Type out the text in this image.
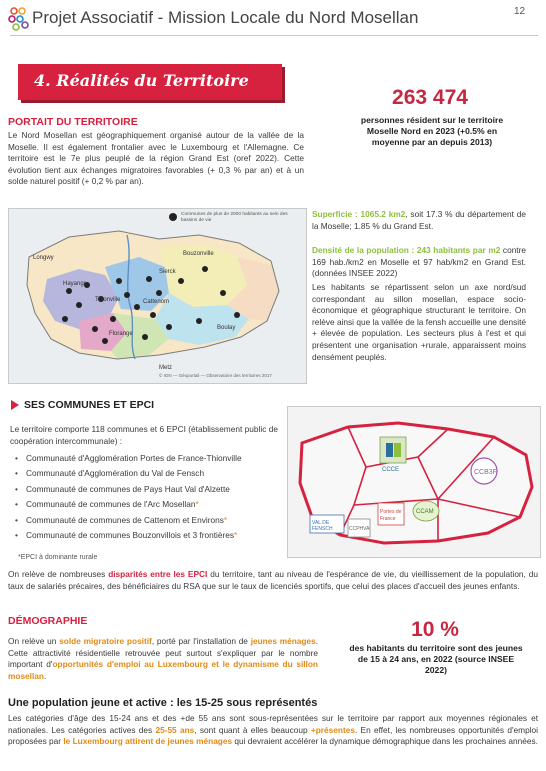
Projet Associatif - Mission Locale du Nord Mosellan	12
4. Réalités du Territoire
263 474
personnes résident sur le territoire Moselle Nord en 2023 (+0.5% en moyenne par an depuis 2013)
PORTAIT DU TERRITOIRE
Le Nord Mosellan est géographiquement organisé autour de la vallée de la Moselle. Il est également frontalier avec le Luxembourg et l'Allemagne. Ce territoire est le 7e plus peuplé de la région Grand Est (oref 2022). Cette évolution tient aux échanges migratoires favorables (+ 0,3 % par an) et à un solde naturel positif (+ 0,2 % par an).
Thionville
Sierck
Bouzonville
Hayange
Florange
Cattenom
Boulay
Longwy
Metz
Communes de plus de 2000 habitants au sein des bassins de vie
© IGN — Géoportail — Observatoire des territoires 2017
Superficie : 1065.2 km2, soit 17.3 % du département de la Moselle; 1.85 % du Grand Est.
Densité de la population : 243 habitants par m2 contre 169 hab./km2 en Moselle et 97 hab/km2 en Grand Est. (données INSEE 2022)
Les habitants se répartissent selon un axe nord/sud correspondant au sillon mosellan, espace socio-économique et géographique structurant le territoire. On relève ainsi que la vallée de la fensh accueille une densité + élevée de population. Les secteurs plus à l'est et qui présentent une organisation +rurale, apparaissent moins densément peuplés.
SES COMMUNES ET EPCI
Le territoire comporte 118 communes et 6 EPCI (établissement public de coopération intercommunale) :
• Communauté d'Agglomération Portes de France-Thionville
• Communauté d'Agglomération du Val de Fensch
• Communauté de communes de Pays Haut Val d'Alzette
• Communauté de communes de l'Arc Mosellan*
• Communauté de communes de Cattenom et Environs*
• Communauté de communes Bouzonvillois et 3 frontières*
*EPCI à dominante rurale
CCCE	CCB3F
Portes de
France
CCAM
VAL DE
FENSCH	CCPHVA
On relève de nombreuses disparités entre les EPCI du territoire, tant au niveau de l'espérance de vie, du vieillissement de la population, du taux de salariés précaires, des bénéficiaires du RSA que sur le taux de licenciés sportifs, que celui des places d'accueil des jeunes enfants.
DÉMOGRAPHIE
On relève un solde migratoire positif, porté par l'installation de jeunes ménages. Cette attractivité résidentielle retrouvée peut surtout s'expliquer par le nombre important d'opportunités d'emploi au Luxembourg et le dynamisme du sillon mosellan.
10 %
des habitants du territoire sont des jeunes de 15 à 24 ans, en 2022 (source INSEE 2022)
Une population jeune et active : les 15-25 sous représentés
Les catégories d'âge des 15-24 ans et des +de 55 ans sont sous-représentées sur le territoire par rapport aux moyennes régionales et nationales. Les catégories actives des 25-55 ans, sont quant à elles beaucoup +présentes. En effet, les nombreuses opportunités d'emploi proposées par le Luxembourg attirent de jeunes ménages qui devraient accélérer la dynamique démographique dans les prochaines années.
